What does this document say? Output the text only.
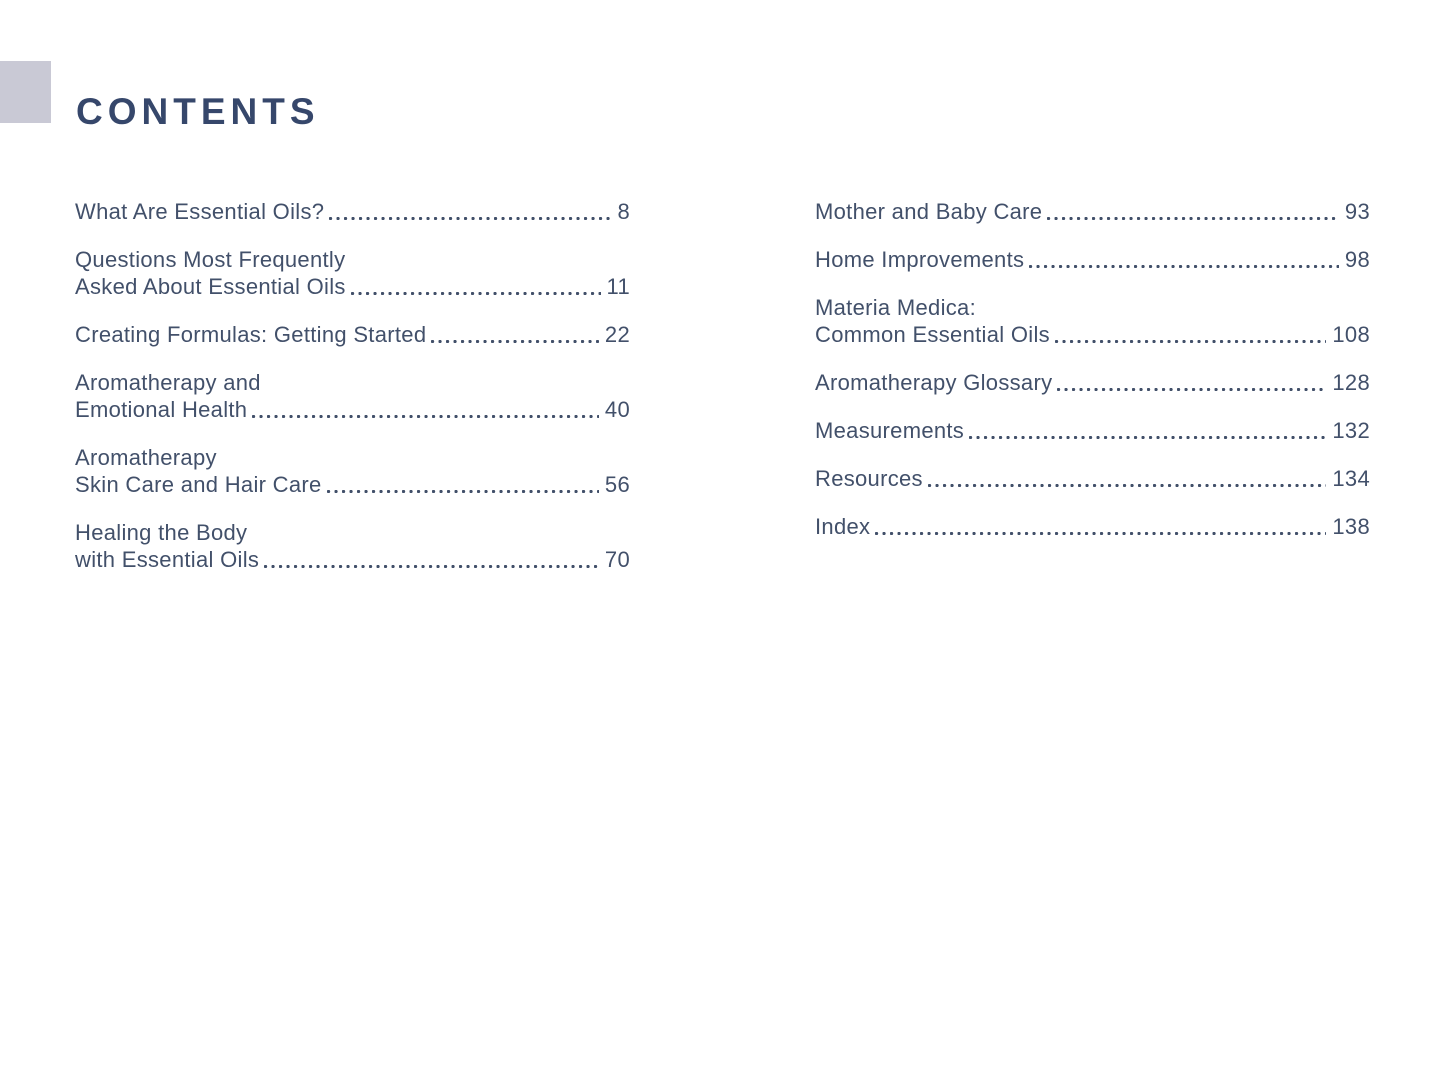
CONTENTS
What Are Essential Oils?	8
Questions Most Frequently
Asked About Essential Oils	11
Creating Formulas: Getting Started	22
Aromatherapy and
Emotional Health	40
Aromatherapy
Skin Care and Hair Care	56
Healing the Body
with Essential Oils	70
Mother and Baby Care	93
Home Improvements	98
Materia Medica:
Common Essential Oils	108
Aromatherapy Glossary	128
Measurements	132
Resources	134
Index	138
